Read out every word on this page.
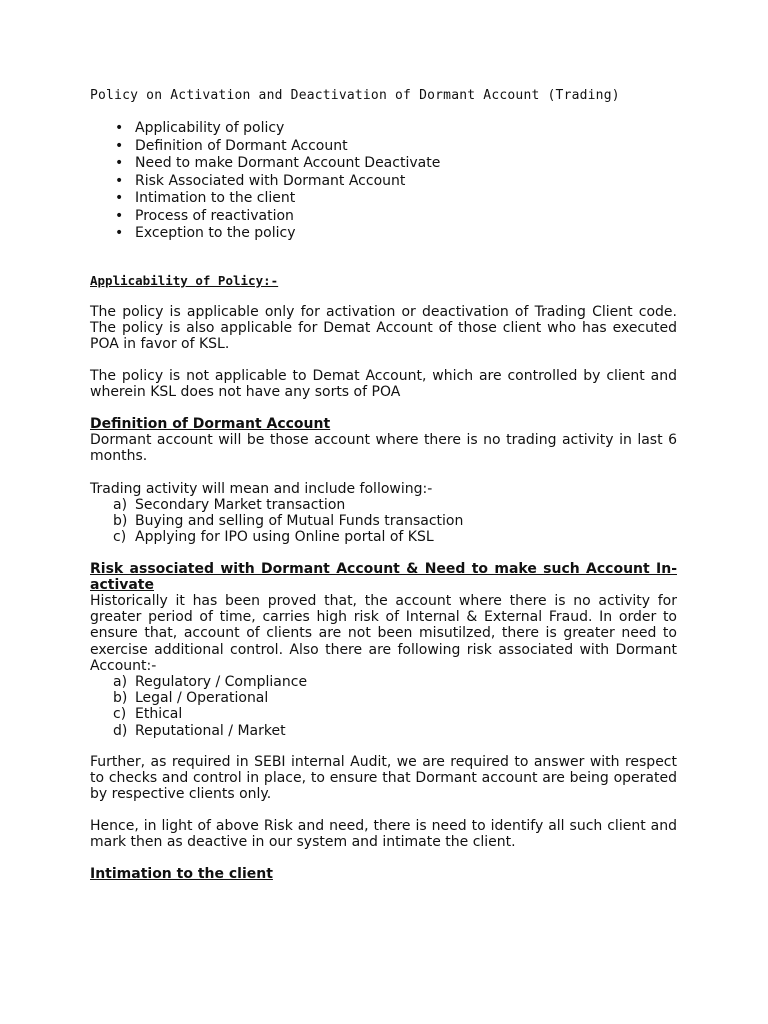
Policy on Activation and Deactivation of Dormant Account (Trading)
• Applicability of policy
• Definition of Dormant Account
• Need to make Dormant Account Deactivate
• Risk Associated with Dormant Account
• Intimation to the client
• Process of reactivation
• Exception to the policy
Applicability of Policy:-

The policy is applicable only for activation or deactivation of Trading Client code. The policy is also applicable for Demat Account of those client who has executed POA in favor of KSL.

The policy is not applicable to Demat Account, which are controlled by client and wherein KSL does not have any sorts of POA

Definition of Dormant Account

Dormant account will be those account where there is no trading activity in last 6 months.

Trading activity will mean and include following:-

a) Secondary Market transaction
b) Buying and selling of Mutual Funds transaction
c) Applying for IPO using Online portal of KSL
Risk associated with Dormant Account & Need to make such Account In-activate

Historically it has been proved that, the account where there is no activity for greater period of time, carries high risk of Internal & External Fraud. In order to ensure that, account of clients are not been misutilzed, there is greater need to exercise additional control. Also there are following risk associated with Dormant Account:-

a) Regulatory / Compliance
b) Legal / Operational
c) Ethical
d) Reputational / Market

Further, as required in SEBI internal Audit, we are required to answer with respect to checks and control in place, to ensure that Dormant account are being operated by respective clients only.

Hence, in light of above Risk and need, there is need to identify all such client and mark then as deactive in our system and intimate the client.

Intimation to the client
